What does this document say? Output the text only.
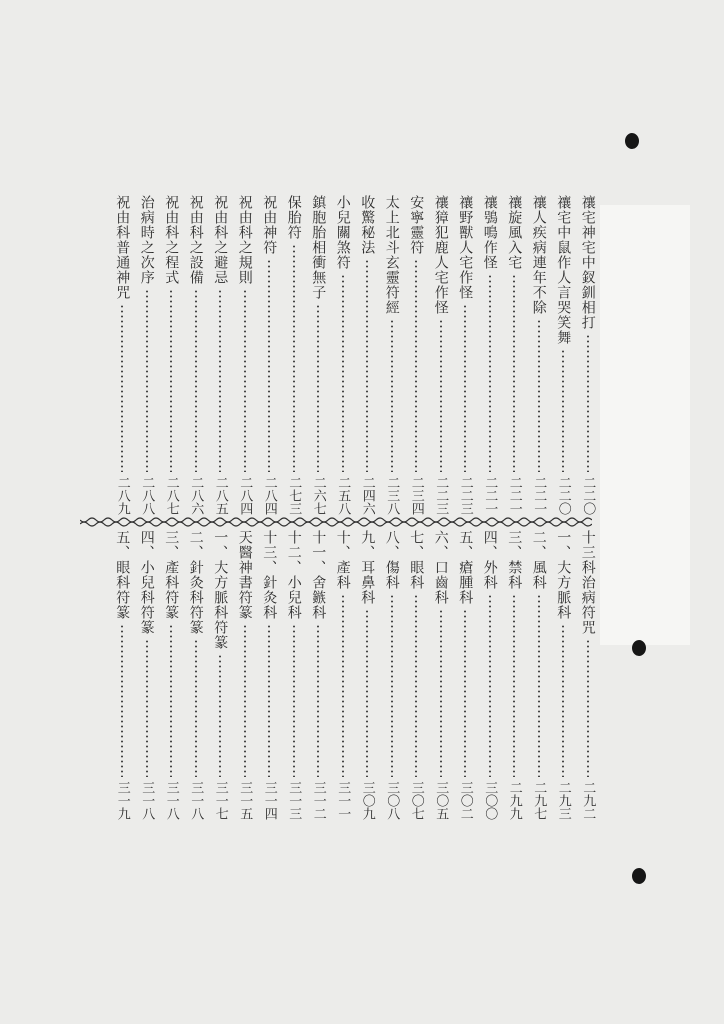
禳宅神宅中釵釧相打
二二〇
禳宅中鼠作人言哭笑舞
二二〇
禳人疾病連年不除
二二一
禳旋風入宅
二二一
禳鴞鳴作怪
二二一
禳野獸人宅作怪
二二三
禳獐犯鹿人宅作怪
二二三
安寧靈符
二三四
太上北斗玄靈符經
二三八
收驚秘法
二四六
小兒關煞符
二五八
鎮胞胎相衝無子
二六七
保胎符
二七三
祝由神符
二八四
祝由科之規則
二八四
祝由科之避忌
二八五
祝由科之設備
二八六
祝由科之程式
二八七
治病時之次序
二八八
祝由科普通神咒
二八九
十三科治病符咒
二九二
一、大方脈科
二九三
二、風科
二九七
三、禁科
二九九
四、外科
三〇〇
五、瘡腫科
三〇二
六、口齒科
三〇五
七、眼科
三〇七
八、傷科
三〇八
九、耳鼻科
三〇九
十、產科
三一一
十一、舍鏃科
三一二
十二、小兒科
三一三
十三、針灸科
三一四
天醫神書符篆
三一五
一、大方脈科符篆
三一七
二、針灸科符篆
三一八
三、產科符篆
三一八
四、小兒科符篆
三一八
五、眼科符篆
三一九
